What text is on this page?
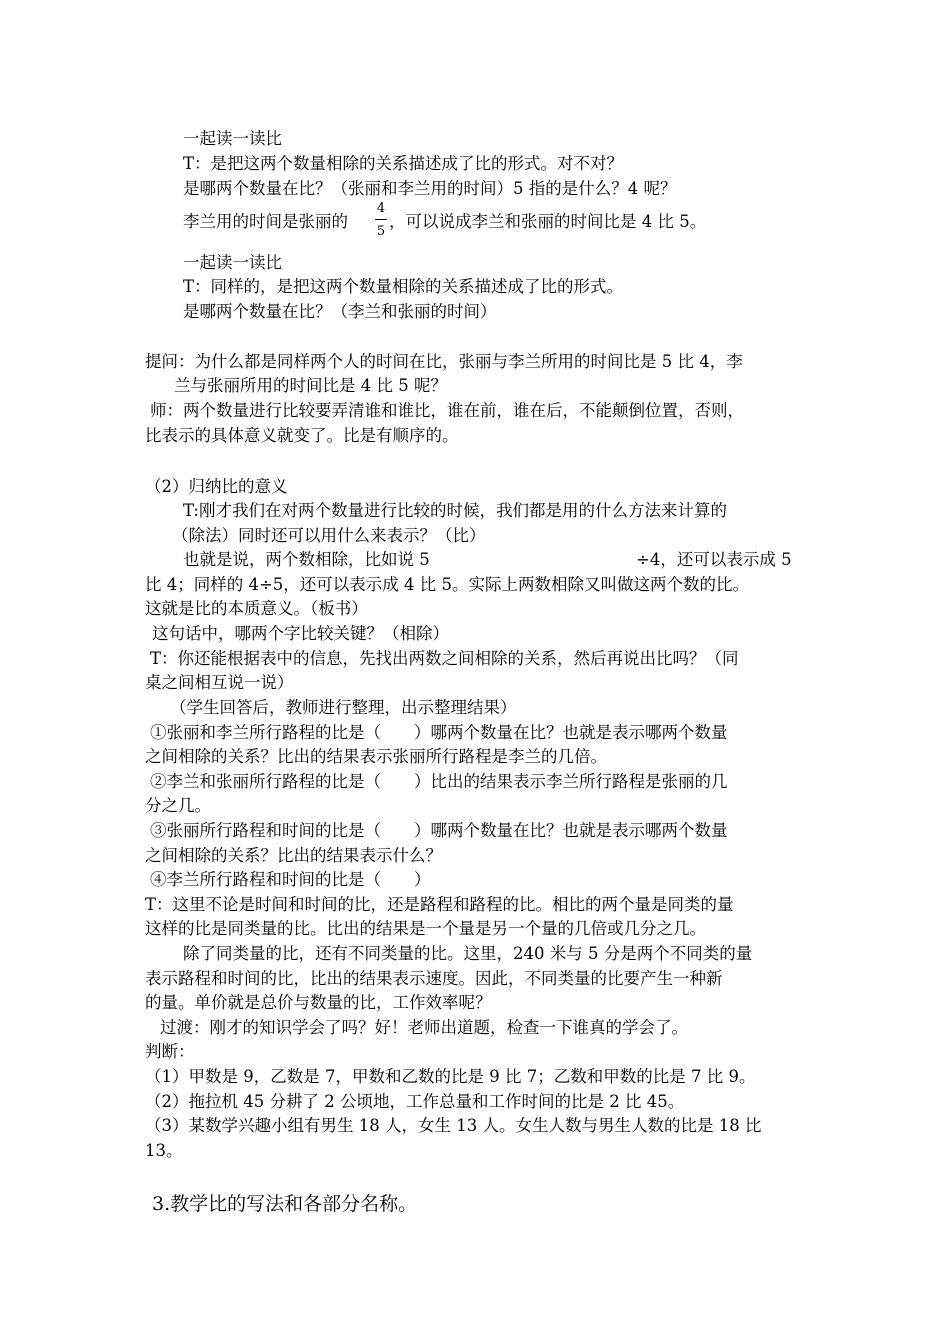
一起读一读比
T：是把这两个数量相除的关系描述成了比的形式。对不对？
是哪两个数量在比？（张丽和李兰用的时间）5 指的是什么？4 呢？
李兰用的时间是张丽的
4
5
，可以说成李兰和张丽的时间比是 4 比 5。
一起读一读比
T：同样的，是把这两个数量相除的关系描述成了比的形式。
是哪两个数量在比？（李兰和张丽的时间）
提问：为什么都是同样两个人的时间在比，张丽与李兰所用的时间比是 5 比 4，李
兰与张丽所用的时间比是 4 比 5 呢？
师：两个数量进行比较要弄清谁和谁比，谁在前，谁在后，不能颠倒位置，否则，
比表示的具体意义就变了。比是有顺序的。
（2）归纳比的意义
T:刚才我们在对两个数量进行比较的时候，我们都是用的什么方法来计算的
（除法）同时还可以用什么来表示？（比）
也就是说，两个数相除，比如说 5	÷4，还可以表示成 5
比 4；同样的 4÷5，还可以表示成 4 比 5。实际上两数相除又叫做这两个数的比。
这就是比的本质意义。（板书）
这句话中，哪两个字比较关键？（相除）
T：你还能根据表中的信息，先找出两数之间相除的关系，然后再说出比吗？（同
桌之间相互说一说）
（学生回答后，教师进行整理，出示整理结果）
①张丽和李兰所行路程的比是（　　）哪两个数量在比？也就是表示哪两个数量
之间相除的关系？比出的结果表示张丽所行路程是李兰的几倍。
②李兰和张丽所行路程的比是（　　）比出的结果表示李兰所行路程是张丽的几
分之几。
③张丽所行路程和时间的比是（　　）哪两个数量在比？也就是表示哪两个数量
之间相除的关系？比出的结果表示什么？
④李兰所行路程和时间的比是（　　）
T：这里不论是时间和时间的比，还是路程和路程的比。相比的两个量是同类的量
这样的比是同类量的比。比出的结果是一个量是另一个量的几倍或几分之几。
除了同类量的比，还有不同类量的比。这里，240 米与 5 分是两个不同类的量
表示路程和时间的比，比出的结果表示速度。因此，不同类量的比要产生一种新
的量。单价就是总价与数量的比，工作效率呢？
过渡：刚才的知识学会了吗？好！老师出道题，检查一下谁真的学会了。
判断：
（1）甲数是 9，乙数是 7，甲数和乙数的比是 9 比 7；乙数和甲数的比是 7 比 9。
（2）拖拉机 45 分耕了 2 公顷地，工作总量和工作时间的比是 2 比 45。
（3）某数学兴趣小组有男生 18 人，女生 13 人。女生人数与男生人数的比是 18 比
13。
3.教学比的写法和各部分名称。
